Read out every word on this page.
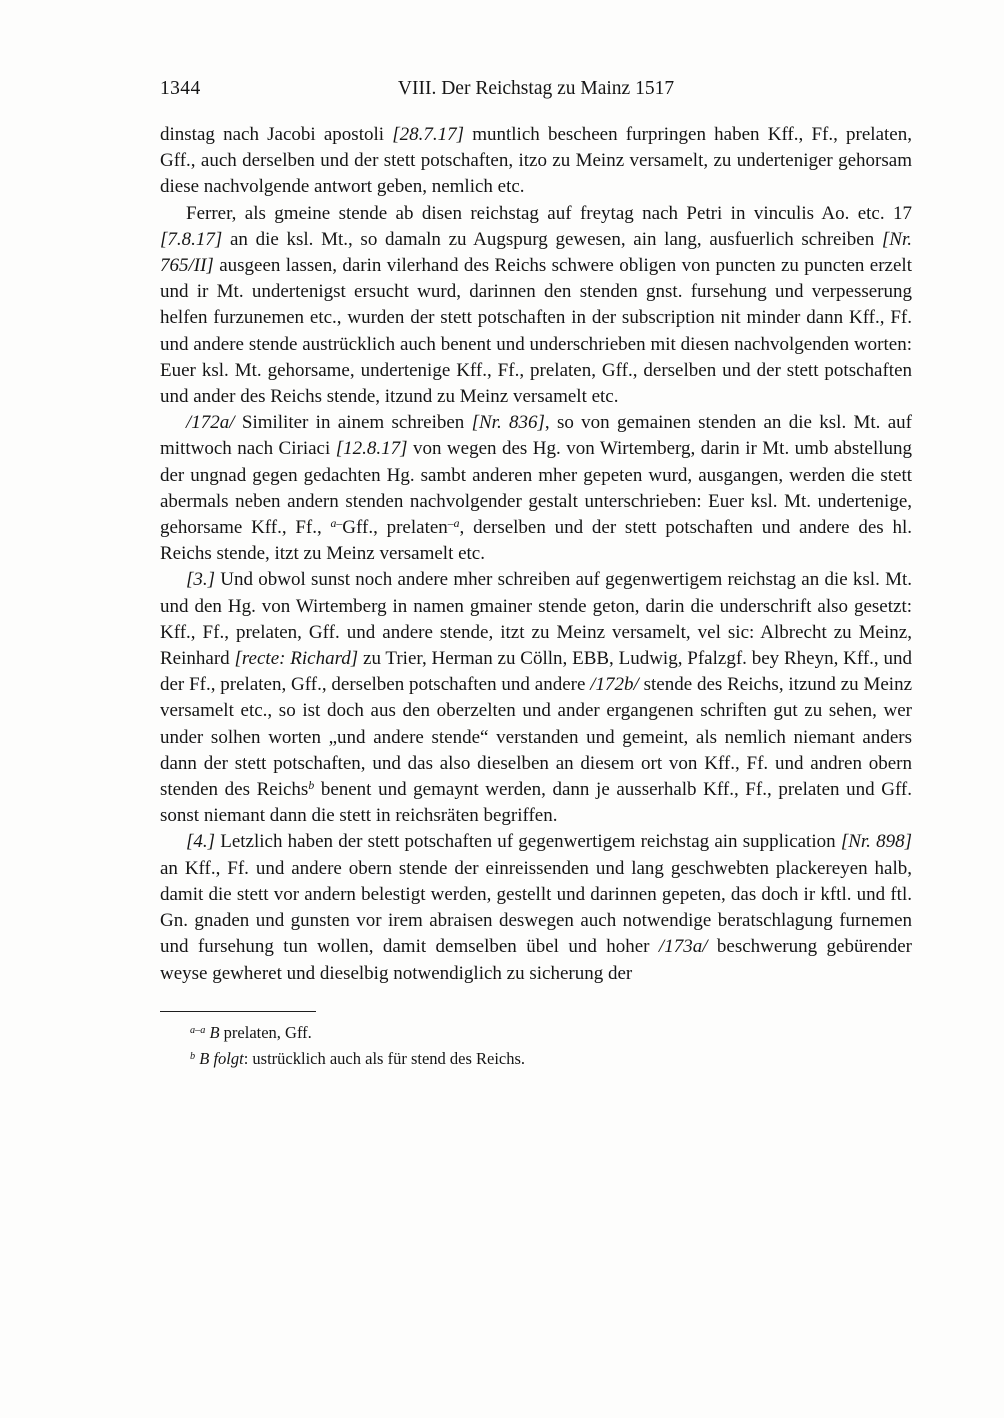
1344	VIII. Der Reichstag zu Mainz 1517

dinstag nach Jacobi apostoli [28.7.17] muntlich bescheen furpringen haben Kff., Ff., prelaten, Gff., auch derselben und der stett potschaften, itzo zu Meinz versamelt, zu underteniger gehorsam diese nachvolgende antwort geben, nemlich etc.

Ferrer, als gmeine stende ab disen reichstag auf freytag nach Petri in vinculis Ao. etc. 17 [7.8.17] an die ksl. Mt., so damaln zu Augspurg gewesen, ain lang, ausfuerlich schreiben [Nr. 765/II] ausgeen lassen, darin vilerhand des Reichs schwere obligen von puncten zu puncten erzelt und ir Mt. undertenigst ersucht wurd, darinnen den stenden gnst. fursehung und verpesserung helfen furzunemen etc., wurden der stett potschaften in der subscription nit minder dann Kff., Ff. und andere stende austrücklich auch benent und underschrieben mit diesen nachvolgenden worten: Euer ksl. Mt. gehorsame, undertenige Kff., Ff., prelaten, Gff., derselben und der stett potschaften und ander des Reichs stende, itzund zu Meinz versamelt etc.

/172a/ Similiter in ainem schreiben [Nr. 836], so von gemainen stenden an die ksl. Mt. auf mittwoch nach Ciriaci [12.8.17] von wegen des Hg. von Wirtemberg, darin ir Mt. umb abstellung der ungnad gegen gedachten Hg. sambt anderen mher gepeten wurd, ausgangen, werden die stett abermals neben andern stenden nachvolgender gestalt unterschrieben: Euer ksl. Mt. undertenige, gehorsame Kff., Ff., $^{a-}$Gff., prelaten$^{-a}$, derselben und der stett potschaften und andere des hl. Reichs stende, itzt zu Meinz versamelt etc.

[3.] Und obwol sunst noch andere mher schreiben auf gegenwertigem reichstag an die ksl. Mt. und den Hg. von Wirtemberg in namen gmainer stende geton, darin die underschrift also gesetzt: Kff., Ff., prelaten, Gff. und andere stende, itzt zu Meinz versamelt, vel sic: Albrecht zu Meinz, Reinhard [recte: Richard] zu Trier, Herman zu Cölln, EBB, Ludwig, Pfalzgf. bey Rheyn, Kff., und der Ff., prelaten, Gff., derselben potschaften und andere /172b/ stende des Reichs, itzund zu Meinz versamelt etc., so ist doch aus den oberzelten und ander ergangenen schriften gut zu sehen, wer under solhen worten „und andere stende“ verstanden und gemeint, als nemlich niemant anders dann der stett potschaften, und das also dieselben an diesem ort von Kff., Ff. und andren obern stenden des Reichs$^b$ benent und gemaynt werden, dann je ausserhalb Kff., Ff., prelaten und Gff. sonst niemant dann die stett in reichsräten begriffen.

[4.] Letzlich haben der stett potschaften uf gegenwertigem reichstag ain supplication [Nr. 898] an Kff., Ff. und andere obern stende der einreissenden und lang geschwebten plackereyen halb, damit die stett vor andern belestigt werden, gestellt und darinnen gepeten, das doch ir kftl. und ftl. Gn. gnaden und gunsten vor irem abraisen deswegen auch notwendige beratschlagung furnemen und fursehung tun wollen, damit demselben übel und hoher /173a/ beschwerung gebürender weyse gewheret und dieselbig notwendiglich zu sicherung der

$^{a-a}$ B prelaten, Gff.

$^b$ B folgt: ustrücklich auch als für stend des Reichs.
